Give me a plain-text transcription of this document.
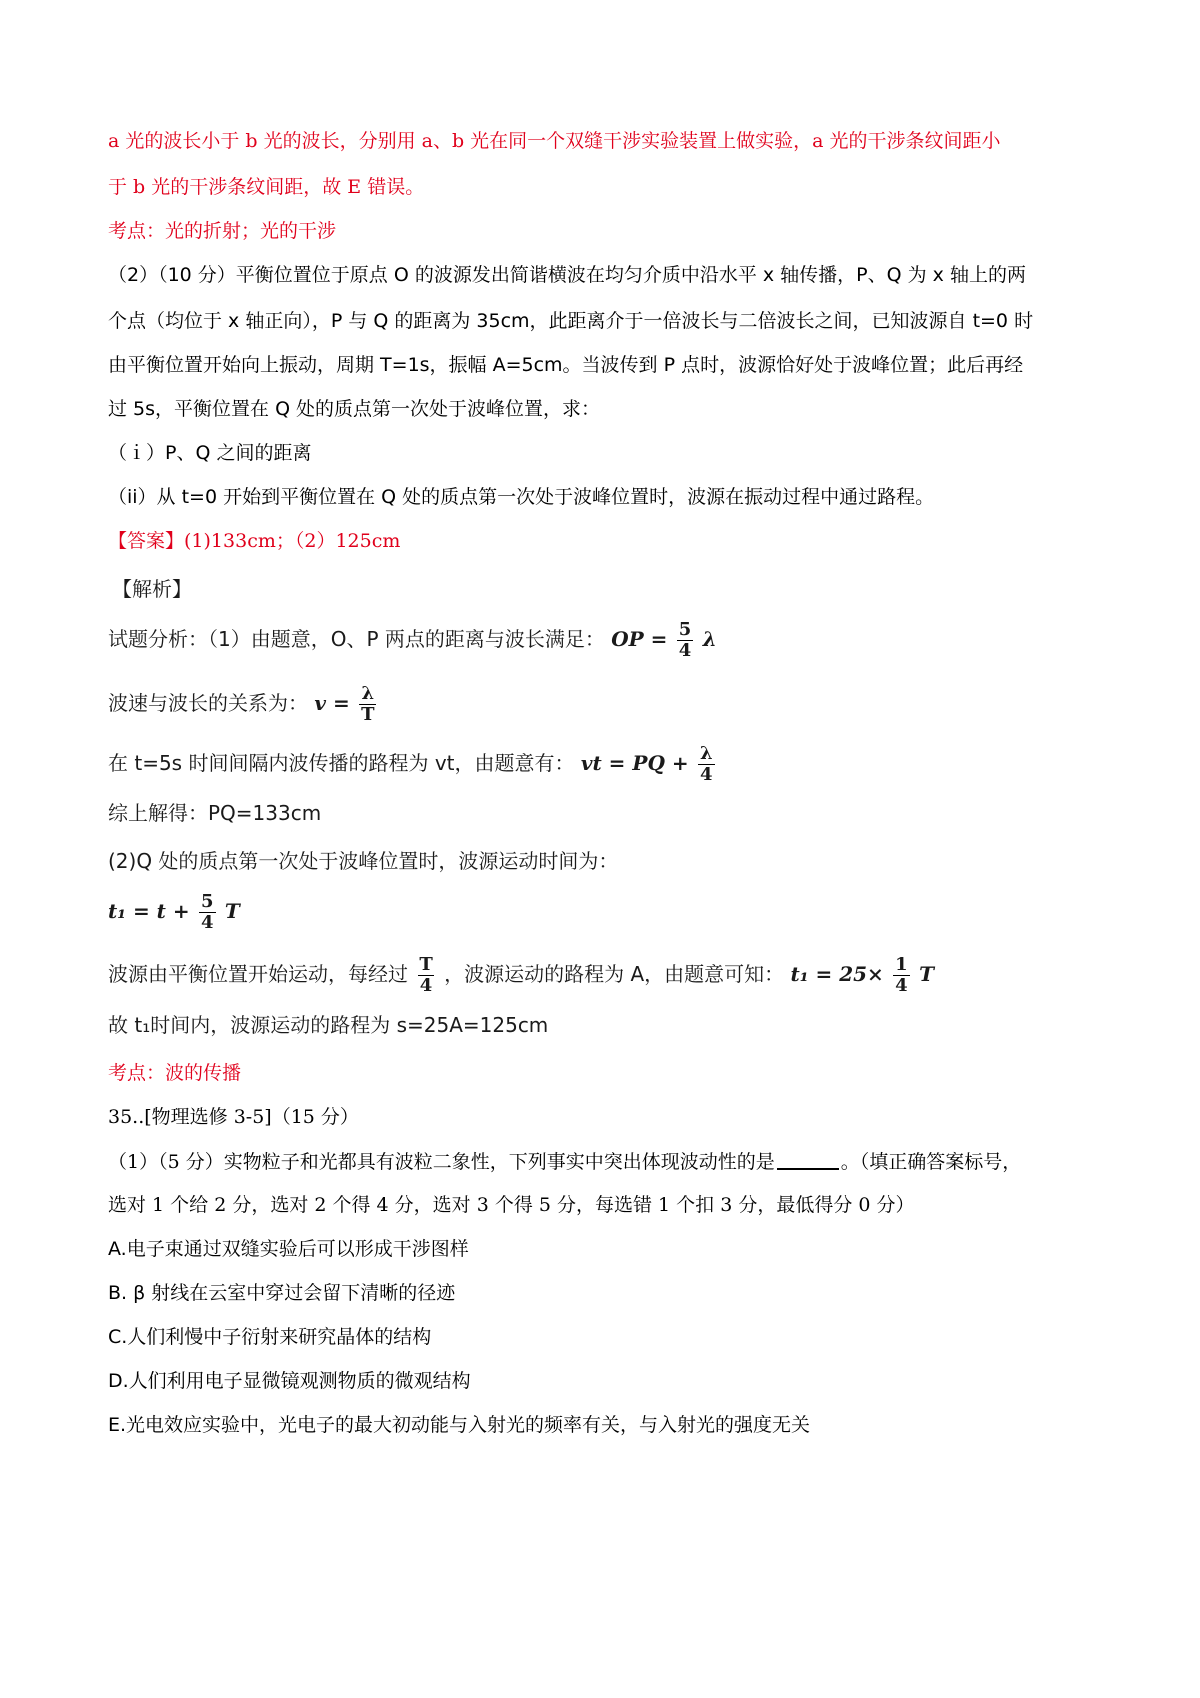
a 光的波长小于 b 光的波长，分别用 a、b 光在同一个双缝干涉实验装置上做实验，a 光的干涉条纹间距小
于 b 光的干涉条纹间距，故 E 错误。
考点：光的折射；光的干涉
（2）（10 分）平衡位置位于原点 O 的波源发出简谐横波在均匀介质中沿水平 x 轴传播，P、Q 为 x 轴上的两
个点（均位于 x 轴正向），P 与 Q 的距离为 35cm，此距离介于一倍波长与二倍波长之间，已知波源自 t=0 时
由平衡位置开始向上振动，周期 T=1s，振幅 A=5cm。当波传到 P 点时，波源恰好处于波峰位置；此后再经
过 5s，平衡位置在 Q 处的质点第一次处于波峰位置，求：
（ｉ）P、Q 之间的距离
（ii）从 t=0 开始到平衡位置在 Q 处的质点第一次处于波峰位置时，波源在振动过程中通过路程。
【答案】(1)133cm；（2）125cm
【解析】
试题分析：（1）由题意，O、P 两点的距离与波长满足： OP = $\frac{5}{4}$ λ
波速与波长的关系为： $v = \frac{\lambda}{T}$
在 t=5s 时间间隔内波传播的路程为 vt，由题意有： vt = PQ + $\frac{\lambda}{4}$
综上解得：PQ=133cm
(2)Q 处的质点第一次处于波峰位置时，波源运动时间为：
$t_1 = t + \frac{5}{4}$ T
波源由平衡位置开始运动，每经过 $\frac{T}{4}$ ，波源运动的路程为 A，由题意可知： $t_1 = 25\times \frac{1}{4}$ T
故 t₁时间内，波源运动的路程为 s=25A=125cm
考点：波的传播
35..[物理选修 3-5]（15 分）
（1）（5 分）实物粒子和光都具有波粒二象性，下列事实中突出体现波动性的是	。（填正确答案标号，
选对 1 个给 2 分，选对 2 个得 4 分，选对 3 个得 5 分，每选错 1 个扣 3 分，最低得分 0 分）
A.电子束通过双缝实验后可以形成干涉图样
B. β 射线在云室中穿过会留下清晰的径迹
C.人们利慢中子衍射来研究晶体的结构
D.人们利用电子显微镜观测物质的微观结构
E.光电效应实验中，光电子的最大初动能与入射光的频率有关，与入射光的强度无关
